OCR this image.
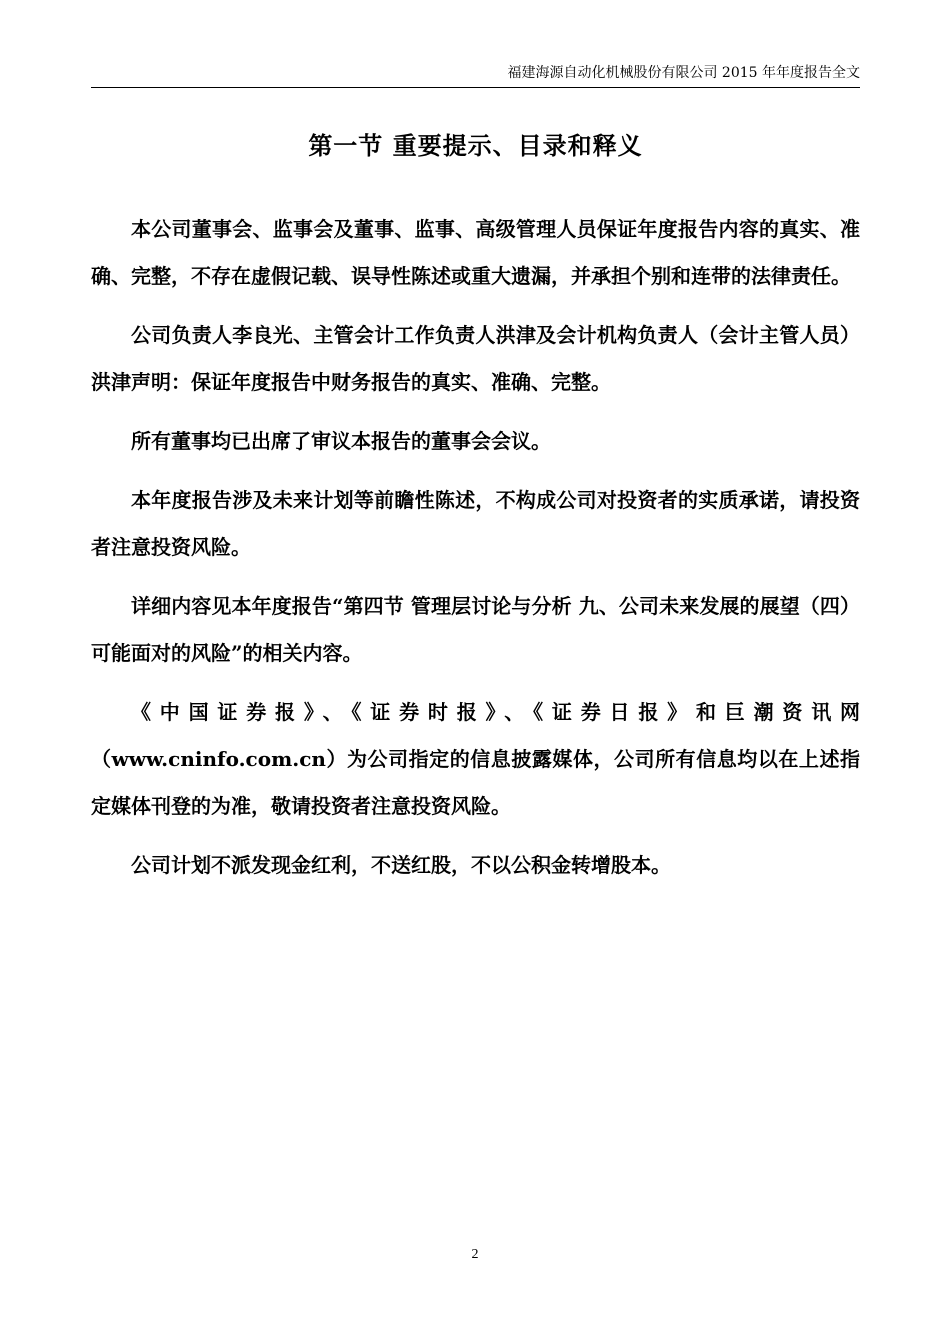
福建海源自动化机械股份有限公司 2015 年年度报告全文
第一节 重要提示、目录和释义

本公司董事会、监事会及董事、监事、高级管理人员保证年度报告内容的真实、准确、完整，不存在虚假记载、误导性陈述或重大遗漏，并承担个别和连带的法律责任。

公司负责人李良光、主管会计工作负责人洪津及会计机构负责人（会计主管人员）洪津声明：保证年度报告中财务报告的真实、准确、完整。

所有董事均已出席了审议本报告的董事会会议。

本年度报告涉及未来计划等前瞻性陈述，不构成公司对投资者的实质承诺，请投资者注意投资风险。

详细内容见本年度报告“第四节 管理层讨论与分析 九、公司未来发展的展望（四）可能面对的风险”的相关内容。

《中国证券报》、《证券时报》、《证券日报》和巨潮资讯网（www.cninfo.com.cn）为公司指定的信息披露媒体，公司所有信息均以在上述指定媒体刊登的为准，敬请投资者注意投资风险。

公司计划不派发现金红利，不送红股，不以公积金转增股本。

2
